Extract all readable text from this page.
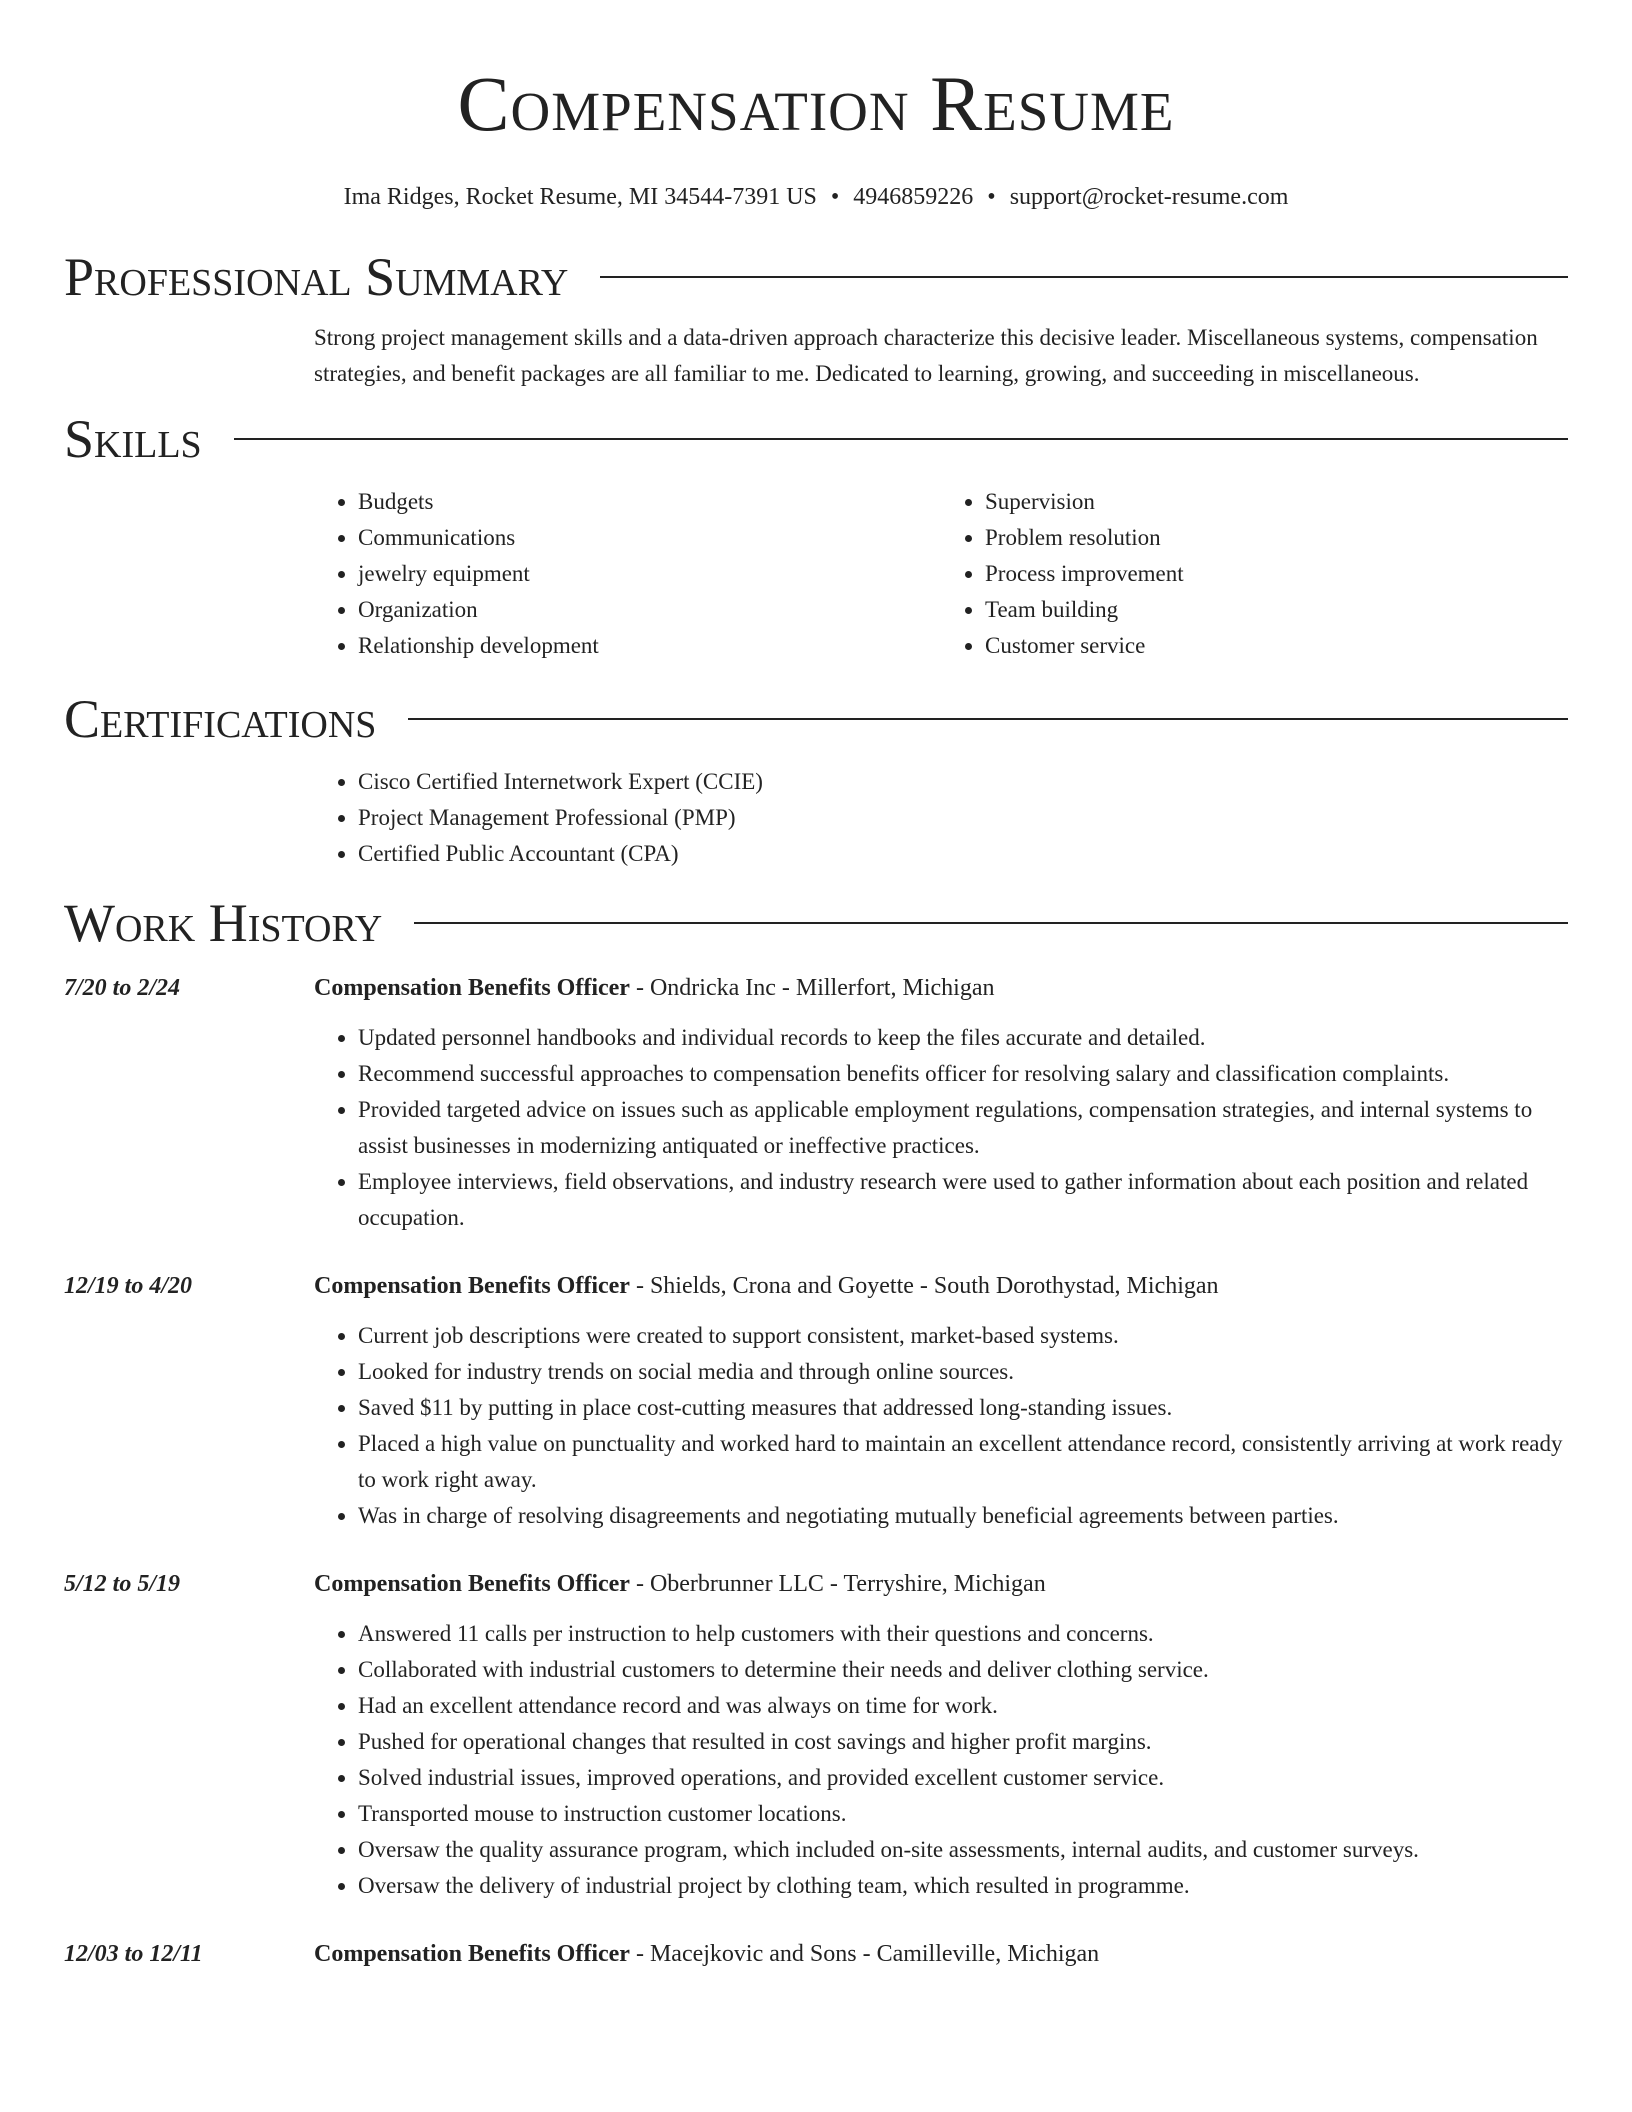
Compensation Resume
Ima Ridges, Rocket Resume, MI 34544-7391 US • 4946859226 • support@rocket-resume.com
Professional Summary
Strong project management skills and a data-driven approach characterize this decisive leader. Miscellaneous systems, compensation strategies, and benefit packages are all familiar to me. Dedicated to learning, growing, and succeeding in miscellaneous.
Skills
• Budgets
• Communications
• jewelry equipment
• Organization
• Relationship development
• Supervision
• Problem resolution
• Process improvement
• Team building
• Customer service
Certifications
• Cisco Certified Internetwork Expert (CCIE)
• Project Management Professional (PMP)
• Certified Public Accountant (CPA)
Work History
7/20 to 2/24	Compensation Benefits Officer - Ondricka Inc - Millerfort, Michigan
• Updated personnel handbooks and individual records to keep the files accurate and detailed.
• Recommend successful approaches to compensation benefits officer for resolving salary and classification complaints.
• Provided targeted advice on issues such as applicable employment regulations, compensation strategies, and internal systems to assist businesses in modernizing antiquated or ineffective practices.
• Employee interviews, field observations, and industry research were used to gather information about each position and related occupation.
12/19 to 4/20	Compensation Benefits Officer - Shields, Crona and Goyette - South Dorothystad, Michigan
• Current job descriptions were created to support consistent, market-based systems.
• Looked for industry trends on social media and through online sources.
• Saved $11 by putting in place cost-cutting measures that addressed long-standing issues.
• Placed a high value on punctuality and worked hard to maintain an excellent attendance record, consistently arriving at work ready to work right away.
• Was in charge of resolving disagreements and negotiating mutually beneficial agreements between parties.
5/12 to 5/19	Compensation Benefits Officer - Oberbrunner LLC - Terryshire, Michigan
• Answered 11 calls per instruction to help customers with their questions and concerns.
• Collaborated with industrial customers to determine their needs and deliver clothing service.
• Had an excellent attendance record and was always on time for work.
• Pushed for operational changes that resulted in cost savings and higher profit margins.
• Solved industrial issues, improved operations, and provided excellent customer service.
• Transported mouse to instruction customer locations.
• Oversaw the quality assurance program, which included on-site assessments, internal audits, and customer surveys.
• Oversaw the delivery of industrial project by clothing team, which resulted in programme.
12/03 to 12/11	Compensation Benefits Officer - Macejkovic and Sons - Camilleville, Michigan
